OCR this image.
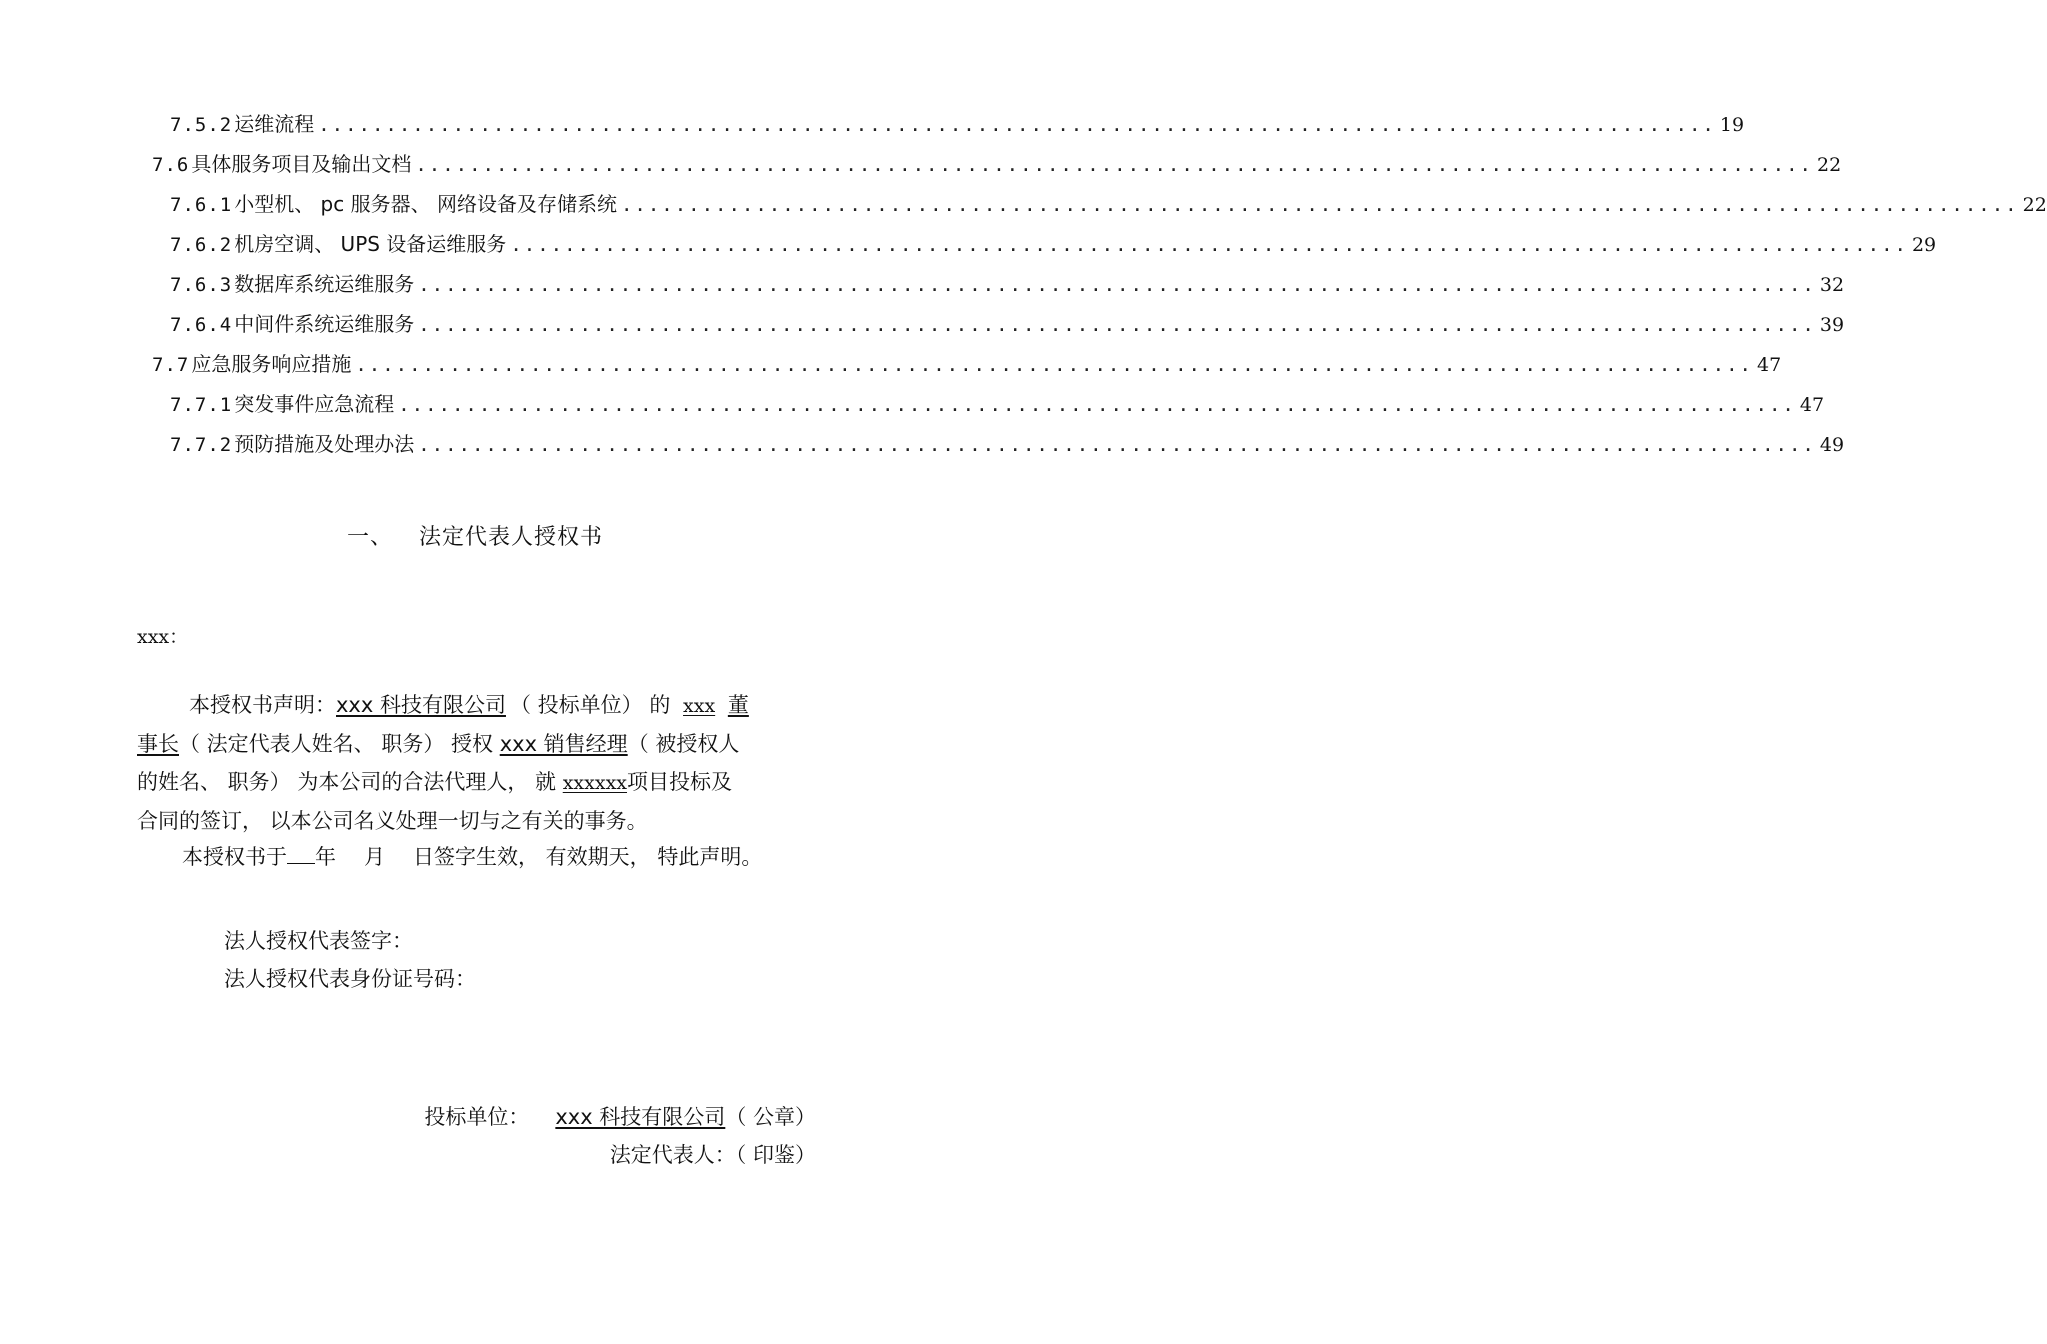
7.5.2 运维流程 ........................................................................................................ 19
7.6 具体服务项目及输出文档 ........................................................................................................ 22
7.6.1 小型机、 pc 服务器、 网络设备及存储系统 ........................................................................................................ 22
7.6.2 机房空调、 UPS 设备运维服务 ........................................................................................................ 29
7.6.3 数据库系统运维服务 ........................................................................................................ 32
7.6.4 中间件系统运维服务 ........................................................................................................ 39
7.7 应急服务响应措施 ........................................................................................................ 47
7.7.1 突发事件应急流程 ........................................................................................................ 47
7.7.2 预防措施及处理办法 ........................................................................................................ 49
一、 法定代表人授权书
xxx：
本授权书声明：xxx 科技有限公司 （ 投标单位） 的 xxx 董
事长（ 法定代表人姓名、 职务） 授权 xxx 销售经理（ 被授权人
的姓名、 职务） 为本公司的合法代理人， 就 xxxxxx项目投标及
合同的签订， 以本公司名义处理一切与之有关的事务。
本授权书于 年 月 日签字生效， 有效期天， 特此声明。
法人授权代表签字：
法人授权代表身份证号码：
投标单位： xxx 科技有限公司（ 公章）
法定代表人：（ 印鉴）
